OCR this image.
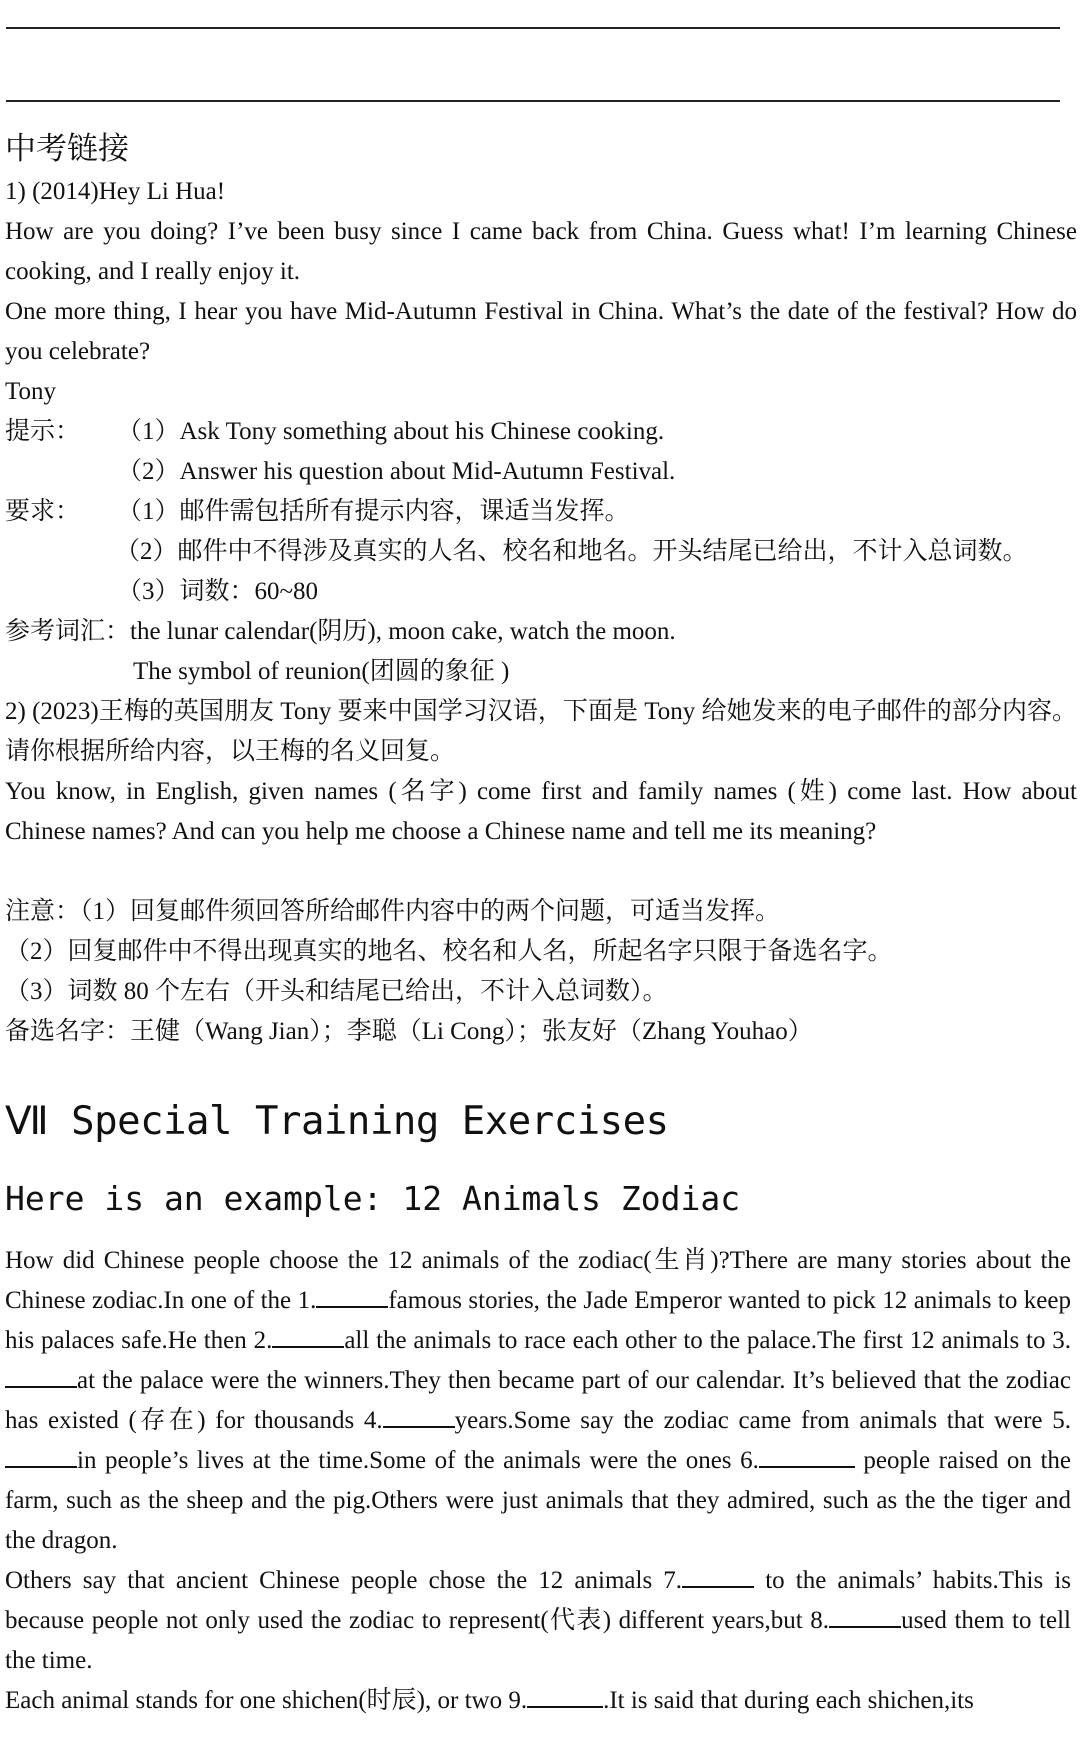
中考链接
1) (2014)Hey Li Hua!
How are you doing? I’ve been busy since I came back from China. Guess what! I’m learning Chinese cooking, and I really enjoy it.
One more thing, I hear you have Mid-Autumn Festival in China. What’s the date of the festival? How do you celebrate?
Tony
提示：	（1）Ask Tony something about his Chinese cooking.
（2）Answer his question about Mid-Autumn Festival.
要求：	（1）邮件需包括所有提示内容，课适当发挥。
（2）邮件中不得涉及真实的人名、校名和地名。开头结尾已给出，不计入总词数。
（3）词数：60~80
参考词汇：the lunar calendar(阴历), moon cake, watch the moon.
The symbol of reunion(团圆的象征 )
2) (2023)王梅的英国朋友 Tony 要来中国学习汉语，下面是 Tony 给她发来的电子邮件的部分内容。请你根据所给内容，以王梅的名义回复。
You know, in English, given names (名字) come first and family names (姓) come last. How about Chinese names? And can you help me choose a Chinese name and tell me its meaning?
注意：（1）回复邮件须回答所给邮件内容中的两个问题，可适当发挥。
（2）回复邮件中不得出现真实的地名、校名和人名，所起名字只限于备选名字。
（3）词数 80 个左右（开头和结尾已给出，不计入总词数）。
备选名字：王健（Wang Jian）；李聪（Li Cong）；张友好（Zhang Youhao）
Ⅶ Special Training Exercises
Here is an example: 12 Animals Zodiac
How did Chinese people choose the 12 animals of the zodiac(生肖)?There are many stories about the Chinese zodiac.In one of the 1.	famous stories, the Jade Emperor wanted to pick 12 animals to keep his palaces safe.He then 2.	all the animals to race each other to the palace.The first 12 animals to 3.at the palace were the winners.They then became part of our calendar. It’s believed that the zodiac has existed (存在) for thousands 4.	years.Some say the zodiac came from animals that were 5.in people’s lives at the time.Some of the animals were the ones 6.	people raised on the farm, such as the sheep and the pig.Others were just animals that they admired, such as the the tiger and the dragon.
Others say that ancient Chinese people chose the 12 animals 7.	to the animals’ habits.This is because people not only used the zodiac to represent(代表) different years,but 8.	used them to tell the time.
Each animal stands for one shichen(时辰), or two 9.	.It is said that during each shichen,its
